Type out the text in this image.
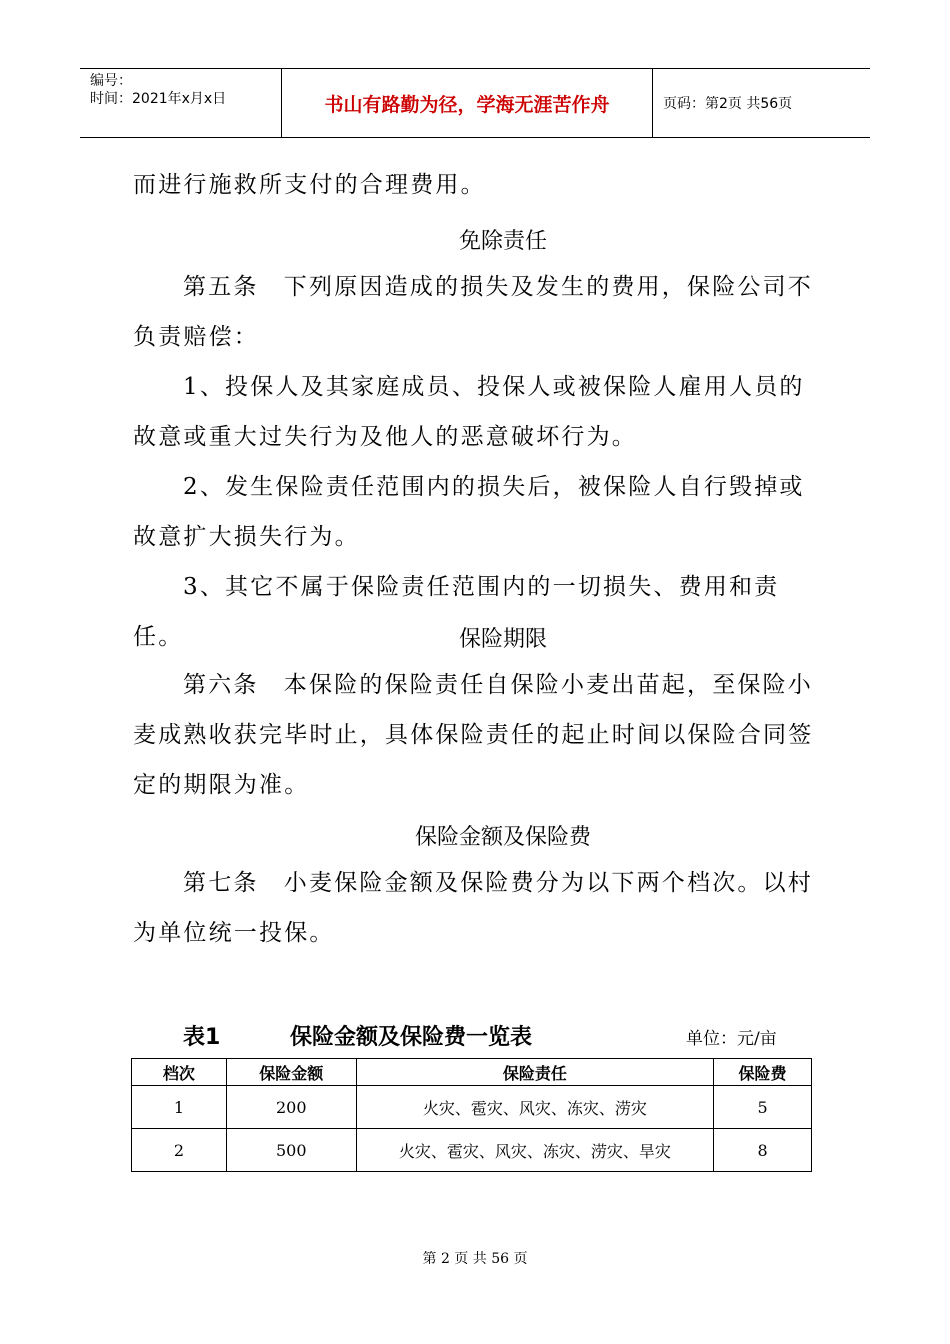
编号：
时间：2021年x月x日	书山有路勤为径，学海无涯苦作舟	页码：第2页 共56页
而进行施救所支付的合理费用。
免除责任
第五条　下列原因造成的损失及发生的费用，保险公司不负责赔偿：
1、投保人及其家庭成员、投保人或被保险人雇用人员的故意或重大过失行为及他人的恶意破坏行为。
2、发生保险责任范围内的损失后，被保险人自行毁掉或故意扩大损失行为。
3、其它不属于保险责任范围内的一切损失、费用和责任。	保险期限
第六条　本保险的保险责任自保险小麦出苗起，至保险小麦成熟收获完毕时止，具体保险责任的起止时间以保险合同签定的期限为准。
保险金额及保险费
第七条　小麦保险金额及保险费分为以下两个档次。以村为单位统一投保。
表1	保险金额及保险费一览表	单位：元/亩
档次	保险金额	保险责任	保险费
1	200	火灾、雹灾、风灾、冻灾、涝灾	5
2	500	火灾、雹灾、风灾、冻灾、涝灾、旱灾	8
第 2 页 共 56 页
